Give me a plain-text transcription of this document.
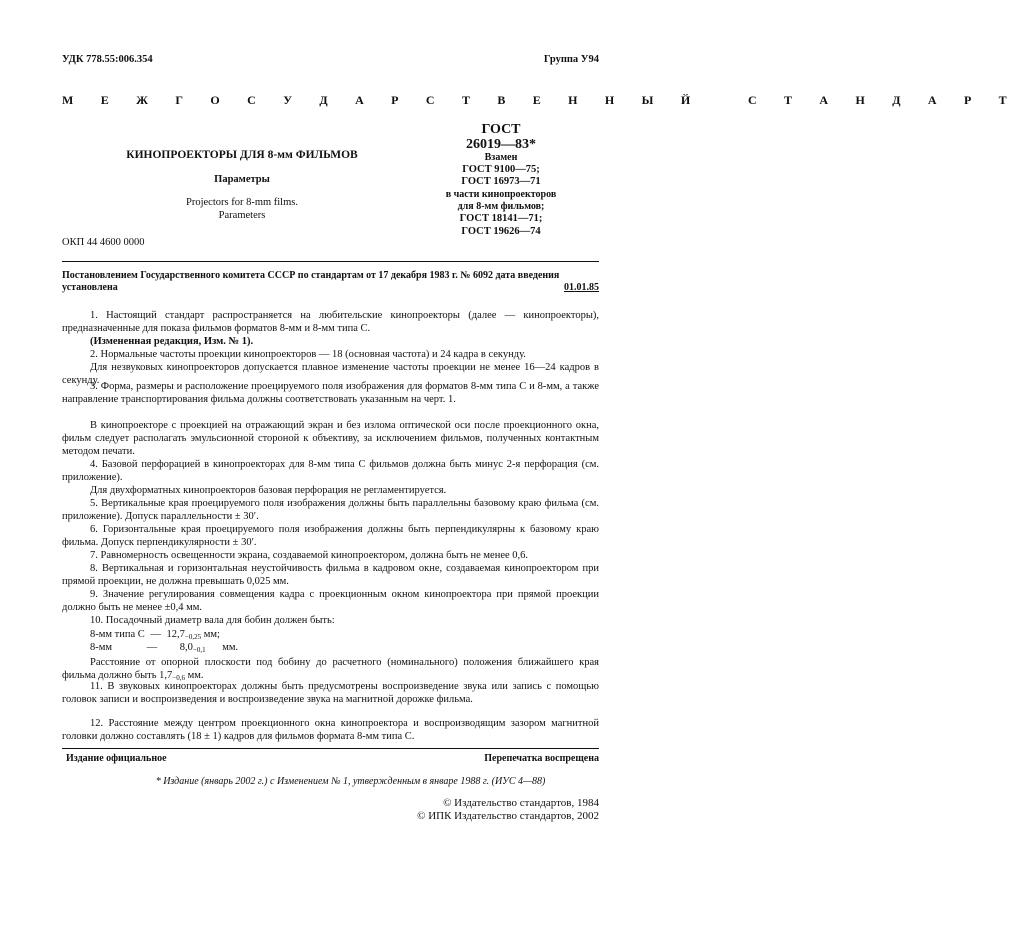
УДК 778.55:006.354	Группа У94
М Е Ж Г О С У Д А Р С Т В Е Н Н Ы Й   С Т А Н Д А Р Т
КИНОПРОЕКТОРЫ ДЛЯ 8-мм ФИЛЬМОВ
Параметры
Projectors for 8-mm films.
Parameters
ОКП 44 4600 0000
ГОСТ
26019—83*
Взамен
ГОСТ 9100—75;
ГОСТ 16973—71
в части кинопроекторов
для 8-мм фильмов;
ГОСТ 18141—71;
ГОСТ 19626—74
Постановлением Государственного комитета СССР по стандартам от 17 декабря 1983 г. № 6092 дата введения
установлена	01.01.85
1. Настоящий стандарт распространяется на любительские кинопроекторы (далее — кинопроекторы), предназначенные для показа фильмов форматов 8-мм и 8-мм типа С.
(Измененная редакция, Изм. № 1).
2. Нормальные частоты проекции кинопроекторов — 18 (основная частота) и 24 кадра в секунду.
Для незвуковых кинопроекторов допускается плавное изменение частоты проекции не менее 16—24 кадров в секунду.
3. Форма, размеры и расположение проецируемого поля изображения для форматов 8-мм типа С и 8-мм, а также направление транспортирования фильма должны соответствовать указанным на черт. 1.
В кинопроекторе с проекцией на отражающий экран и без излома оптической оси после проекционного окна, фильм следует располагать эмульсионной стороной к объективу, за исключением фильмов, полученных контактным методом печати.
4. Базовой перфорацией в кинопроекторах для 8-мм типа С фильмов должна быть минус 2-я перфорация (см. приложение).
Для двухформатных кинопроекторов базовая перфорация не регламентируется.
5. Вертикальные края проецируемого поля изображения должны быть параллельны базовому краю фильма (см. приложение). Допуск параллельности ± 30′.
6. Горизонтальные края проецируемого поля изображения должны быть перпендикулярны к базовому краю фильма. Допуск перпендикулярности ± 30′.
7. Равномерность освещенности экрана, создаваемой кинопроектором, должна быть не менее 0,6.
8. Вертикальная и горизонтальная неустойчивость фильма в кадровом окне, создаваемая кинопроектором при прямой проекции, не должна превышать 0,025 мм.
9. Значение регулирования совмещения кадра с проекционным окном кинопроектора при прямой проекции должно быть не менее ±0,4 мм.
10. Посадочный диаметр вала для бобин должен быть:
8-мм типа С — $12,7_{-0,25}$ мм;
8-мм	— $8,0_{-0,1}$ мм.
Расстояние от опорной плоскости под бобину до расчетного (номинального) положения ближайшего края фильма должно быть $1,7_{-0,6}$ мм.
11. В звуковых кинопроекторах должны быть предусмотрены воспроизведение звука или запись с помощью головок записи и воспроизведения и воспроизведение звука на магнитной дорожке фильма.
12. Расстояние между центром проекционного окна кинопроектора и воспроизводящим зазором магнитной головки должно составлять (18 ± 1) кадров для фильмов формата 8-мм типа С.
Издание официальное	Перепечатка воспрещена
* Издание (январь 2002 г.) с Изменением № 1, утвержденным в январе 1988 г. (ИУС 4—88)
© Издательство стандартов, 1984
© ИПК Издательство стандартов, 2002
